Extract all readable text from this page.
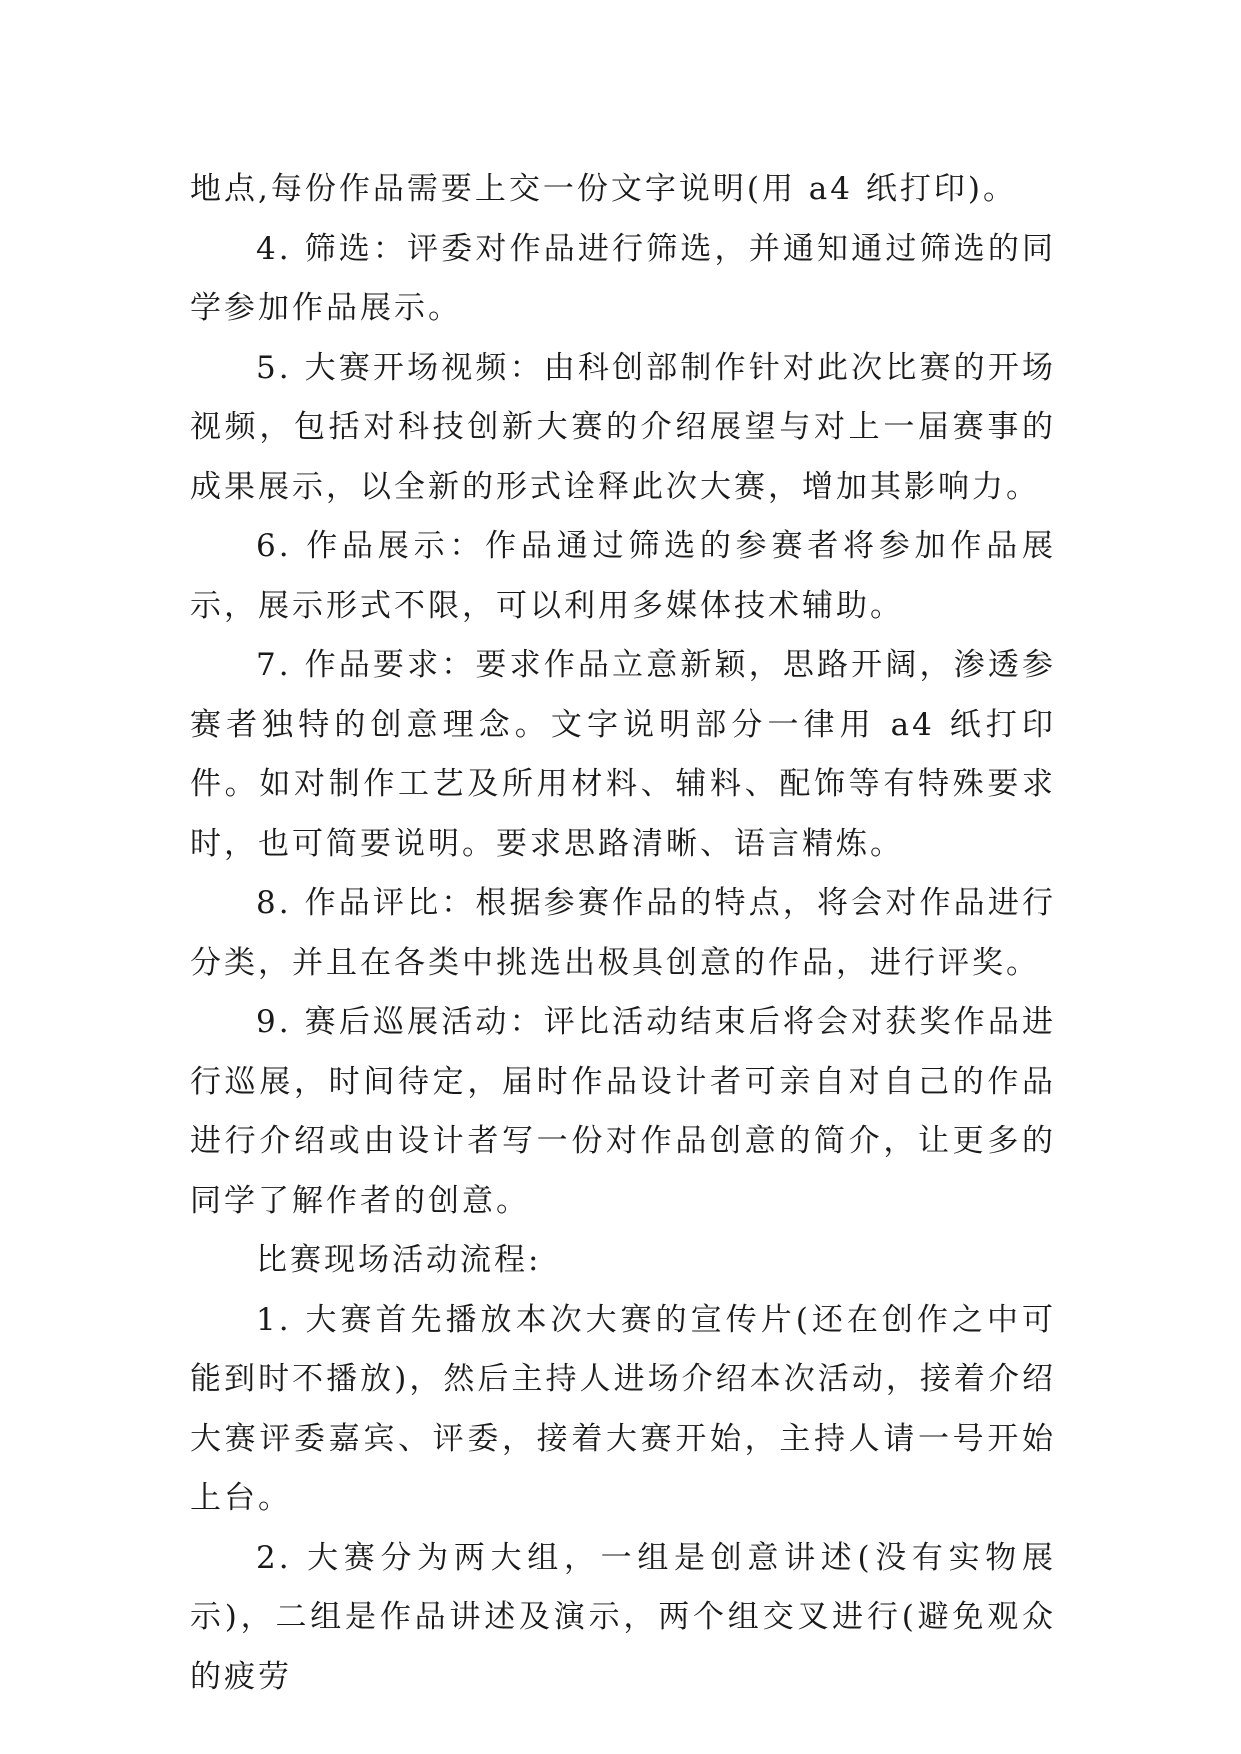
地点,每份作品需要上交一份文字说明(用 a4 纸打印)。

4. 筛选：评委对作品进行筛选，并通知通过筛选的同学参加作品展示。

5. 大赛开场视频：由科创部制作针对此次比赛的开场视频，包括对科技创新大赛的介绍展望与对上一届赛事的成果展示，以全新的形式诠释此次大赛，增加其影响力。

6. 作品展示：作品通过筛选的参赛者将参加作品展示，展示形式不限，可以利用多媒体技术辅助。

7. 作品要求：要求作品立意新颖，思路开阔，渗透参赛者独特的创意理念。文字说明部分一律用 a4 纸打印件。如对制作工艺及所用材料、辅料、配饰等有特殊要求时，也可简要说明。要求思路清晰、语言精炼。

8. 作品评比：根据参赛作品的特点，将会对作品进行分类，并且在各类中挑选出极具创意的作品，进行评奖。

9. 赛后巡展活动：评比活动结束后将会对获奖作品进行巡展，时间待定，届时作品设计者可亲自对自己的作品进行介绍或由设计者写一份对作品创意的简介，让更多的同学了解作者的创意。

比赛现场活动流程:

1. 大赛首先播放本次大赛的宣传片(还在创作之中可能到时不播放)，然后主持人进场介绍本次活动，接着介绍大赛评委嘉宾、评委，接着大赛开始，主持人请一号开始上台。

2. 大赛分为两大组，一组是创意讲述(没有实物展示)，二组是作品讲述及演示，两个组交叉进行(避免观众的疲劳
